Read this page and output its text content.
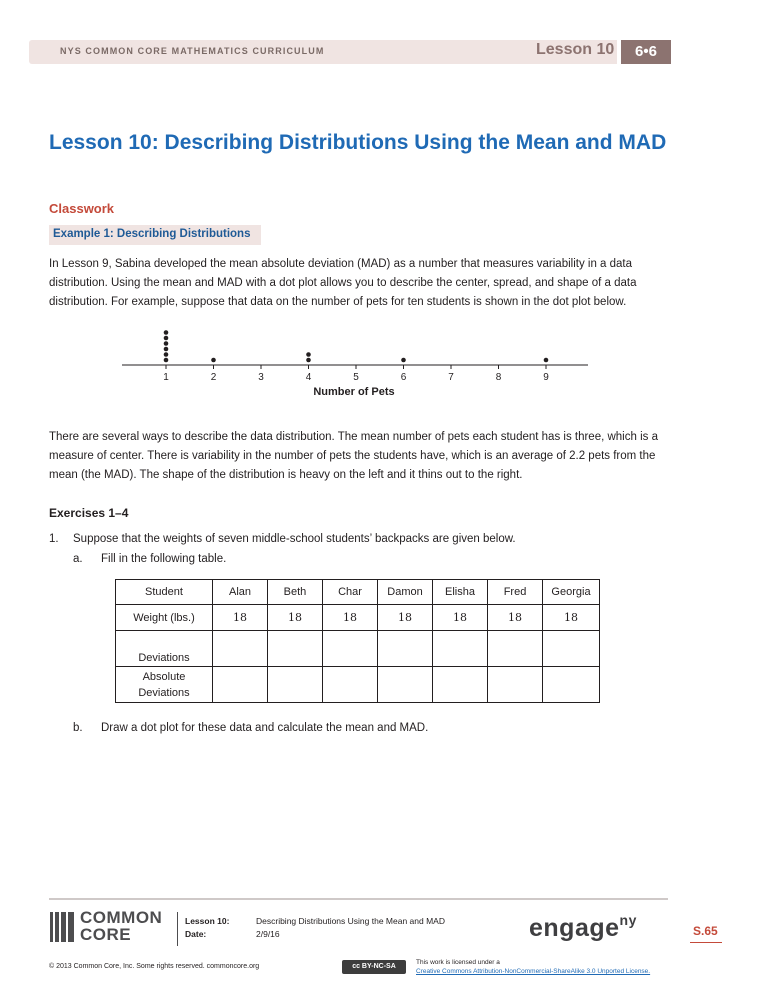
NYS COMMON CORE MATHEMATICS CURRICULUM	Lesson 10	6•6
Lesson 10: Describing Distributions Using the Mean and MAD
Classwork
Example 1: Describing Distributions
In Lesson 9, Sabina developed the mean absolute deviation (MAD) as a number that measures variability in a data distribution. Using the mean and MAD with a dot plot allows you to describe the center, spread, and shape of a data distribution. For example, suppose that data on the number of pets for ten students is shown in the dot plot below.
Number of Pets
1	2	3	4	5	6	7	8	9
There are several ways to describe the data distribution. The mean number of pets each student has is three, which is a measure of center. There is variability in the number of pets the students have, which is an average of 2.2 pets from the mean (the MAD). The shape of the distribution is heavy on the left and it thins out to the right.
Exercises 1–4
1. Suppose that the weights of seven middle-school students’ backpacks are given below.
a. Fill in the following table.
Student	Alan	Beth	Char	Damon	Elisha	Fred	Georgia
Weight (lbs.)	18	18	18	18	18	18	18
Deviations							
Absolute
Deviations							
b. Draw a dot plot for these data and calculate the mean and MAD.
COMMON
CORE
Lesson 10:
Date:
Describing Distributions Using the Mean and MAD
2/9/16	engage$^{ny}$
S.65
cc BY-NC-SA
This work is licensed under a
Creative Commons Attribution-NonCommercial-ShareAlike 3.0 Unported License.
© 2013 Common Core, Inc. Some rights reserved. commoncore.org
